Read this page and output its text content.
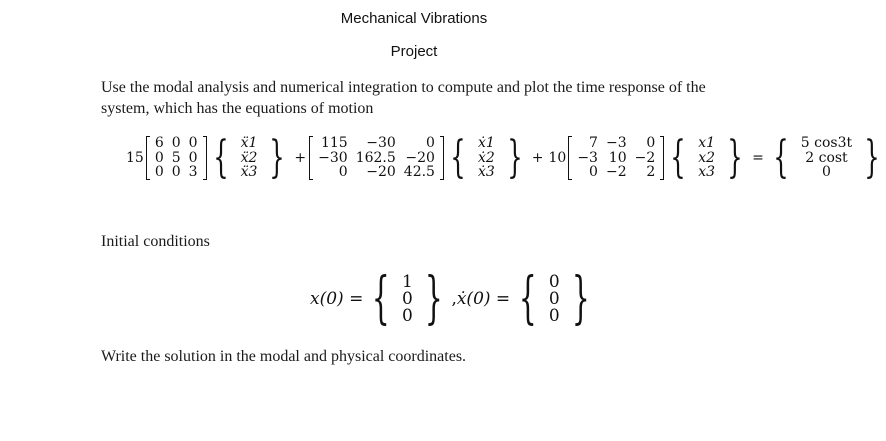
Mechanical Vibrations
Project
Use the modal analysis and numerical integration to compute and plot the time response of the
system, which has the equations of motion
15
6 0 0
0 5 0
0 0 3 { ẍ1
ẍ2
ẍ3 } +
115	−30	0
−30 162.5 −20
0	−20 42.5 { ẋ1
ẋ2
ẋ3 } + 10
7 −3	0
−3 10 −2
0 −2	2 { x1
x2
x3 } = { 5 cos3t
2 cost
0 }
Initial conditions
x(0) = { 1
0
0 } , ẋ(0) = { 0
0
0 }
Write the solution in the modal and physical coordinates.
